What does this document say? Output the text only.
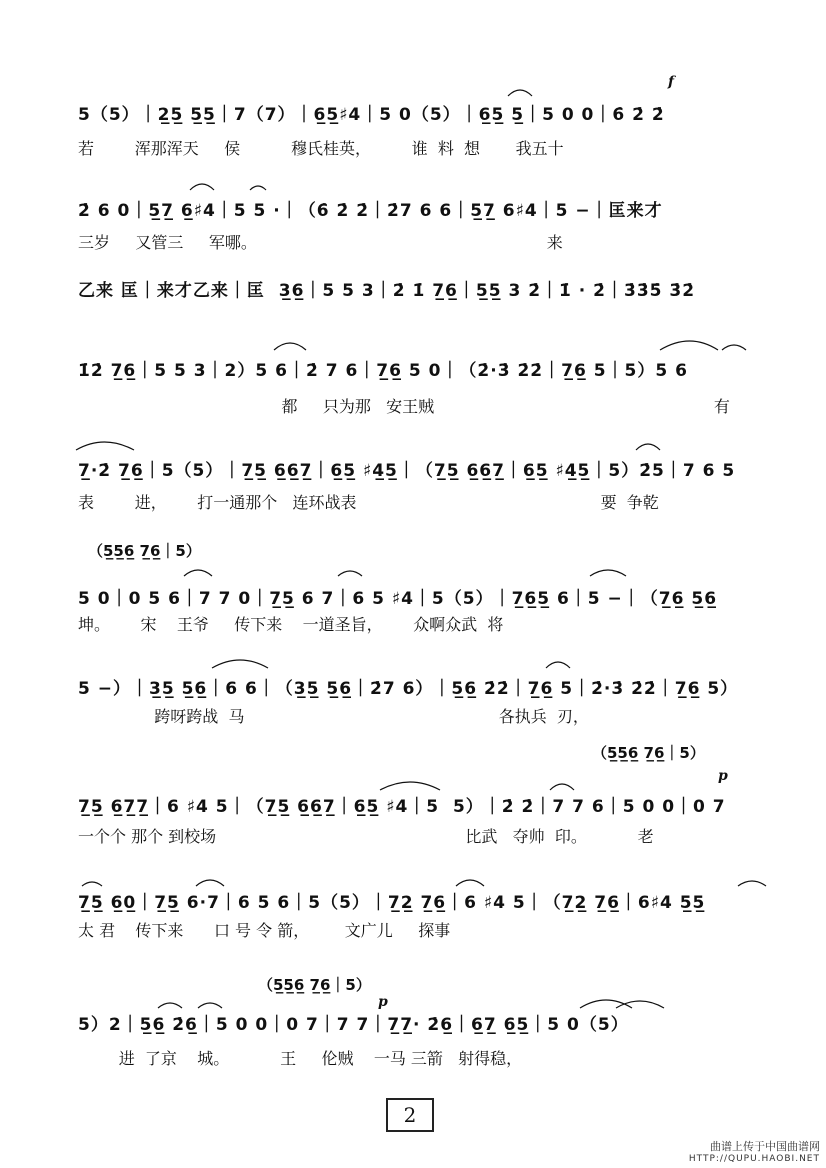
5（5）｜2̲5̲ 5̲5̲｜7（7）｜6̲5̲♯4｜5 0（5）｜6̲5̲ 5̲｜5 0 0｜6̇ 2̇ 2̇
若        浑那浑天     侯          穆氏桂英，        谁  料  想       我五十
2̇ 6 0｜5̲7̲ 6̲♯4｜5 5 ·｜（6̇ 2̇ 2̇｜2̇7 6 6｜5̲7̲ 6♯4｜5 −｜匡来才
三岁     又管三     军哪。                                                         来
乙来 匡｜来才乙来｜匡  3̲6̲｜5 5 3｜2̇ 1̇ 7̲6̲｜5̲5̲ 3 2̇｜1̇ · 2̇｜3̇3̇5̇ 3̇2̇
1̇2̇ 7̲6̲｜5 5 3｜2）5 6｜2̇ 7 6｜7̲6̲ 5 0｜（2̇·3̇ 2̇2̇｜7̲6̲ 5｜5）5 6
都     只为那   安王贼                                                       有
7̲·2̇ 7̲6̲｜5（5）｜7̲5̲ 6̲6̲7̲｜6̲5̲ ♯4̲5̲｜（7̲5̲ 6̲6̲7̲｜6̲5̲ ♯4̲5̲｜5）2̇5｜7 6 5
表        进，      打一通那个   连环战表                                                要  争乾
（5̲5̲6̲ 7̲6̲｜5）
5 0｜0 5 6｜7 7 0｜7̲5̲ 6 7｜6 5 ♯4｜5（5）｜7̲6̲5̲ 6｜5 −｜（7̲6̲ 5̲6̲
坤。      宋    王爷     传下来    一道圣旨，      众啊众武  将
5 −）｜3̲5̲ 5̲6̲｜6 6｜（3̲5̲ 5̲6̲｜2̇7 6）｜5̲6̲ 2̇2̇｜7̲6̲ 5｜2̇·3̇ 2̇2̇｜7̲6̲ 5）
跨呀跨战  马                                                  各执兵  刃，
（5̲5̲6̲ 7̲6̲｜5）
7̲5̲ 6̲7̲7̲｜6 ♯4 5｜（7̲5̲ 6̲6̲7̲｜6̲5̲ ♯4｜5  5）｜2̇ 2̇｜7 7 6｜5 0 0｜0 7
一个个 那个 到校场                                                 比武   夺帅  印。          老
7̲5̲ 6̲0̲｜7̲5̲ 6·7｜6 5 6｜5（5）｜7̲2̲ 7̲6̲｜6 ♯4 5｜（7̲2̲ 7̲6̲｜6♯4 5̲5̲
太 君    传下来      口 号 令 箭，       文广儿     探事
（5̲5̲6̲ 7̲6̲｜5）
5）2｜5̲6̲ 2̇6̲｜5 0 0｜0 7｜7 7｜7̲7̲· 2̇6̲｜6̲7̲ 6̲5̲｜5 0（5）
进  了京    城。          王     伦贼    一马 三箭   射得稳，
f
p
p
2
曲谱上传于中国曲谱网
HTTP://QUPU.HAOBI.NET
